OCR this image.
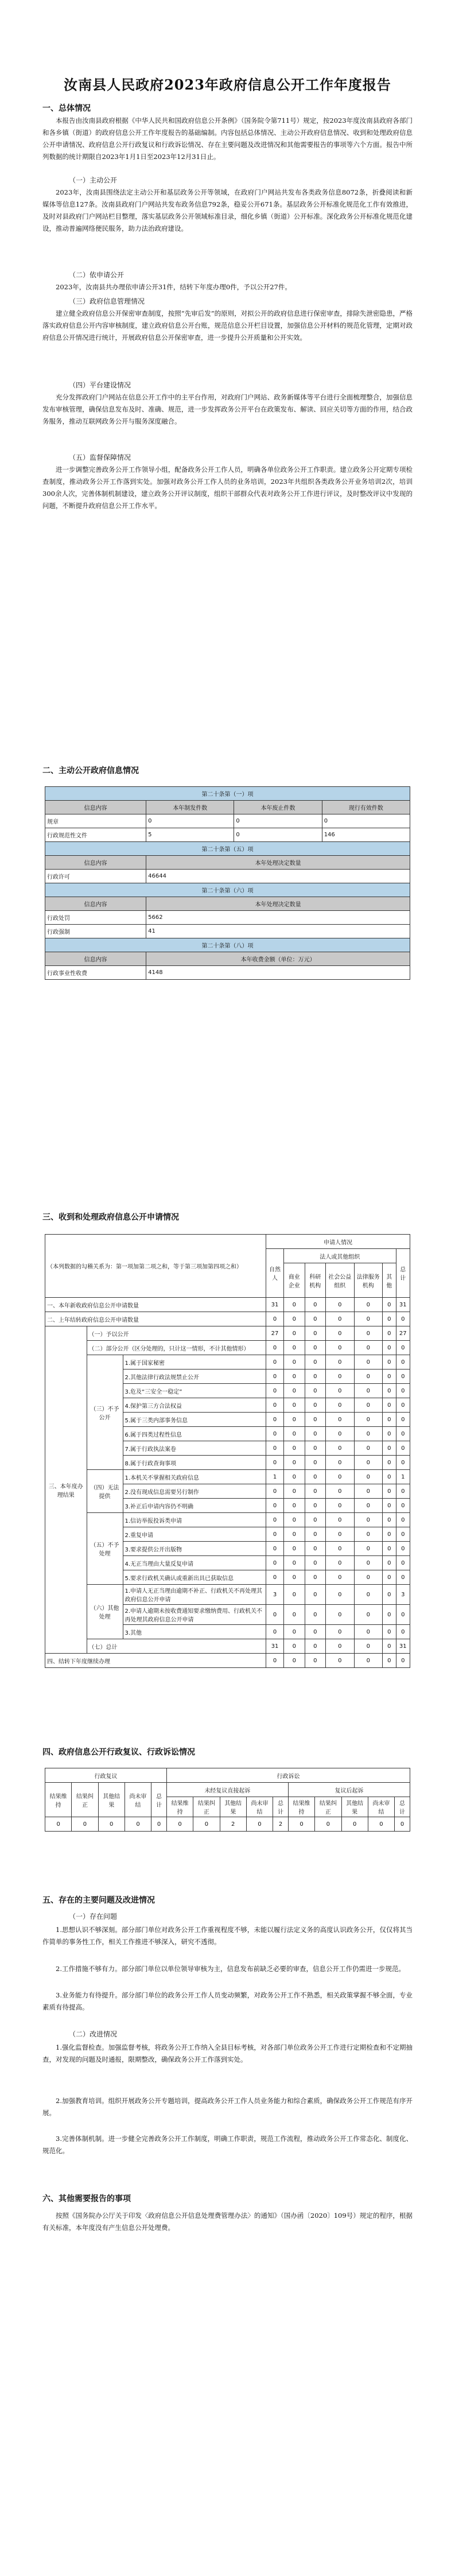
汝南县人民政府2023年政府信息公开工作年度报告
一、总体情况
本报告由汝南县政府根据《中华人民共和国政府信息公开条例》（国务院令第711号）规定，按2023年度汝南县政府各部门和各乡镇（街道）的政府信息公开工作年度报告的基础编制。内容包括总体情况、主动公开政府信息情况、收到和处理政府信息公开申请情况、政府信息公开行政复议和行政诉讼情况、存在主要问题及改进情况和其他需要报告的事项等六个方面。报告中所列数据的统计期限自2023年1月1日至2023年12月31日止。
（一）主动公开
2023年，汝南县围绕法定主动公开和基层政务公开等领域，在政府门户网站共发布各类政务信息8072条，折叠阅读和新媒体等信息127条。汝南县政府门户网站共发布政务信息792条，稳妥公开671条。基层政务公开标准化规范化工作有效推进，及时对县政府门户网站栏目整理，落实基层政务公开领域标准目录，细化乡镇（街道）公开标准。深化政务公开标准化规范化建设，推动普遍网络便民服务，助力法治政府建设。
（二）依申请公开
2023年，汝南县共办理依申请公开31件，结转下年度办理0件，予以公开27件。
（三）政府信息管理情况
建立健全政府信息公开保密审查制度，按照“先审后发”的原则，对拟公开的政府信息进行保密审查，排除失泄密隐患，严格落实政府信息公开内容审核制度，建立政府信息公开台账，规范信息公开栏目设置，加强信息公开材料的规范化管理，定期对政府信息公开情况进行统计，开展政府信息公开保密审查，进一步提升公开质量和公开实效。
（四）平台建设情况
充分发挥政府门户网站在信息公开工作中的主平台作用，对政府门户网站、政务新媒体等平台进行全面梳理整合，加强信息发布审核管理，确保信息发布及时、准确、规范，进一步发挥政务公开平台在政策发布、解读、回应关切等方面的作用，结合政务服务，推动互联网政务公开与服务深度融合。
（五）监督保障情况
进一步调整完善政务公开工作领导小组，配备政务公开工作人员，明确各单位政务公开工作职责。建立政务公开定期专项检查制度，推动政务公开工作落到实处。加强对政务公开工作人员的业务培训，2023年共组织各类政务公开业务培训2次，培训300余人次，完善体制机制建设，建立政务公开评议制度，组织干部群众代表对政务公开工作进行评议，及时整改评议中发现的问题，不断提升政府信息公开工作水平。
二、主动公开政府信息情况
第二十条第（一）项			
信息内容	本年制发件数	本年废止件数	现行有效件数
规章	0	0	0
行政规范性文件	5	0	146
第二十条第（五）项			
信息内容	本年处理决定数量		
行政许可	46644		
第二十条第（六）项			
信息内容	本年处理决定数量		
行政处罚	5662		
行政强制	41		
第二十条第（八）项			
信息内容	本年收费金额（单位：万元）		
行政事业性收费	4148		
三、收到和处理政府信息公开申请情况
（本列数据的勾稽关系为：第一项加第二项之和，等于第三项加第四项之和）			申请人情况						
			自然人	法人或其他组织					总计
				商业企业	科研机构	社会公益组织	法律服务机构	其他	
一、本年新收政府信息公开申请数量			31	0	0	0	0	0	31
二、上年结转政府信息公开申请数量			0	0	0	0	0	0	0
三、本年度办理结果	（一）予以公开		27	0	0	0	0	0	27
	（二）部分公开（区分处理的，只计这一情形，不计其他情形）		0	0	0	0	0	0	0
	（三）不予公开	1.属于国家秘密	0	0	0	0	0	0	0
		2.其他法律行政法规禁止公开	0	0	0	0	0	0	0
		3.危及“三安全一稳定”	0	0	0	0	0	0	0
		4.保护第三方合法权益	0	0	0	0	0	0	0
		5.属于三类内部事务信息	0	0	0	0	0	0	0
		6.属于四类过程性信息	0	0	0	0	0	0	0
		7.属于行政执法案卷	0	0	0	0	0	0	0
		8.属于行政查询事项	0	0	0	0	0	0	0
	（四）无法提供	1.本机关不掌握相关政府信息	1	0	0	0	0	0	1
		2.没有现成信息需要另行制作	0	0	0	0	0	0	0
		3.补正后申请内容仍不明确	0	0	0	0	0	0	0
	（五）不予处理	1.信访举报投诉类申请	0	0	0	0	0	0	0
		2.重复申请	0	0	0	0	0	0	0
		3.要求提供公开出版物	0	0	0	0	0	0	0
		4.无正当理由大量反复申请	0	0	0	0	0	0	0
		5.要求行政机关确认或重新出具已获取信息	0	0	0	0	0	0	0
	（六）其他处理	1.申请人无正当理由逾期不补正、行政机关不再处理其政府信息公开申请	3	0	0	0	0	0	3
		2.申请人逾期未按收费通知要求缴纳费用、行政机关不再处理其政府信息公开申请	0	0	0	0	0	0	0
		3.其他	0	0	0	0	0	0	0
	（七）总计		31	0	0	0	0	0	31
四、结转下年度继续办理			0	0	0	0	0	0	0
四、政府信息公开行政复议、行政诉讼情况
行政复议					行政诉讼									
结果维持	结果纠正	其他结果	尚未审结	总计	未经复议直接起诉					复议后起诉				
					结果维持	结果纠正	其他结果	尚未审结	总计	结果维持	结果纠正	其他结果	尚未审结	总计
0	0	0	0	0	0	0	2	0	2	0	0	0	0	0
五、存在的主要问题及改进情况
（一）存在问题
1.思想认识不够深刻。部分部门单位对政务公开工作重视程度不够，未能以履行法定义务的高度认识政务公开，仅仅将其当作简单的事务性工作，相关工作推进不够深入，研究不透彻。
2.工作措施不够有力。部分部门单位以单位领导审核为主，信息发布前缺乏必要的审查，信息公开工作仍需进一步规范。
3.业务能力有待提升。部分部门单位的政务公开工作人员变动频繁，对政务公开工作不熟悉，相关政策掌握不够全面，专业素质有待提高。
（二）改进情况
1.强化监督检查。加强监督考核，将政务公开工作纳入全县目标考核，对各部门单位政务公开工作进行定期检查和不定期抽查，对发现的问题及时通报，限期整改，确保政务公开工作落到实处。
2.加强教育培训。组织开展政务公开专题培训，提高政务公开工作人员业务能力和综合素质，确保政务公开工作规范有序开展。
3.完善体制机制。进一步健全完善政务公开工作制度，明确工作职责，规范工作流程，推动政务公开工作常态化、制度化、规范化。
六、其他需要报告的事项
按照《国务院办公厅关于印发〈政府信息公开信息处理费管理办法〉的通知》（国办函〔2020〕109号）规定的程序，根据有关标准，本年度没有产生信息公开处理费。
